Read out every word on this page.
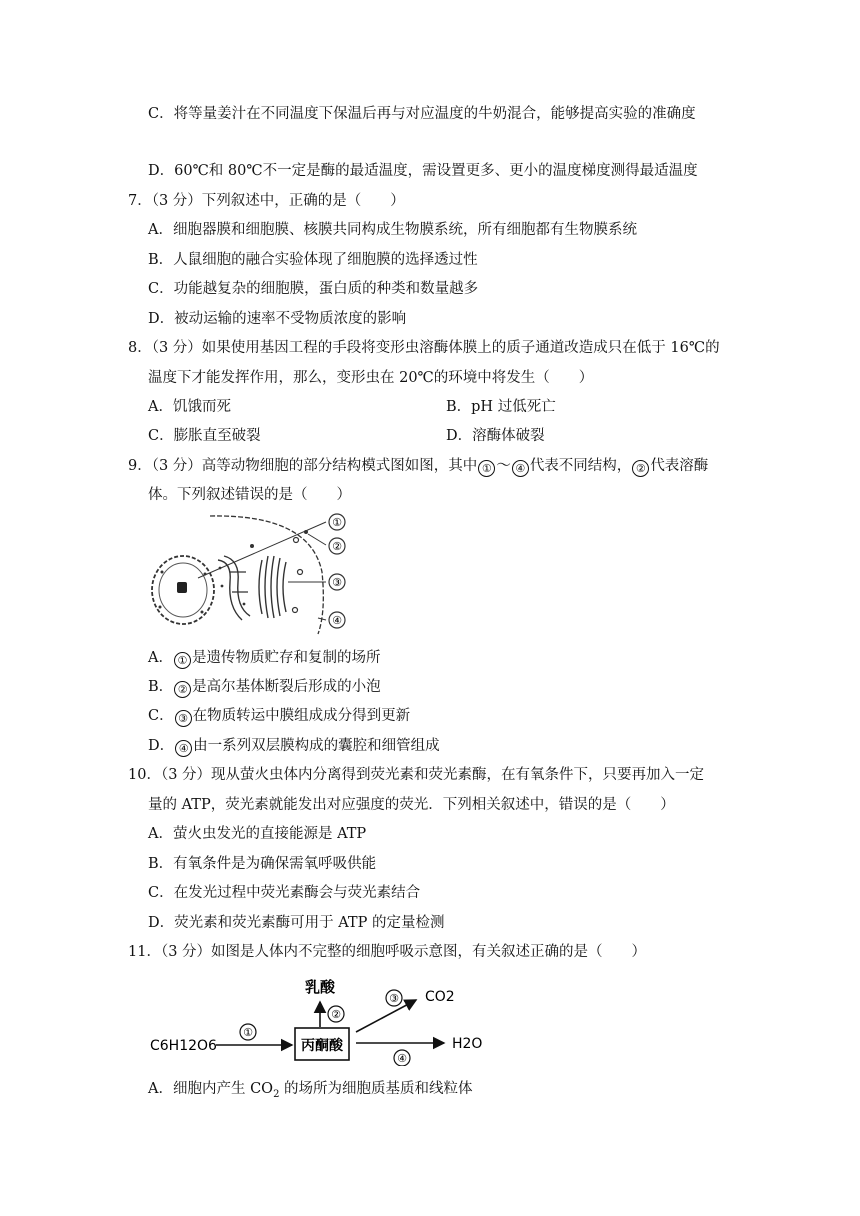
C．将等量姜汁在不同温度下保温后再与对应温度的牛奶混合，能够提高实验的准确度
D．60℃和 80℃不一定是酶的最适温度，需设置更多、更小的温度梯度测得最适温度
7．（3 分）下列叙述中，正确的是（　　）
A．细胞器膜和细胞膜、核膜共同构成生物膜系统，所有细胞都有生物膜系统
B．人鼠细胞的融合实验体现了细胞膜的选择透过性
C．功能越复杂的细胞膜，蛋白质的种类和数量越多
D．被动运输的速率不受物质浓度的影响
8．（3 分）如果使用基因工程的手段将变形虫溶酶体膜上的质子通道改造成只在低于 16℃的
温度下才能发挥作用，那么，变形虫在 20℃的环境中将发生（　　）
A．饥饿而死	B．pH 过低死亡
C．膨胀直至破裂	D．溶酶体破裂
9．（3 分）高等动物细胞的部分结构模式图如图，其中 ① ～ ④ 代表不同结构， ② 代表溶酶
体。下列叙述错误的是（　　）
①
②
③
④
A． ① 是遗传物质贮存和复制的场所
B． ② 是高尔基体断裂后形成的小泡
C． ③ 在物质转运中膜组成成分得到更新
D． ④ 由一系列双层膜构成的囊腔和细管组成
10．（3 分）现从萤火虫体内分离得到荧光素和荧光素酶，在有氧条件下，只要再加入一定
量的 ATP，荧光素就能发出对应强度的荧光．下列相关叙述中，错误的是（　　）
A．萤火虫发光的直接能源是 ATP
B．有氧条件是为确保需氧呼吸供能
C．在发光过程中荧光素酶会与荧光素结合
D．荧光素和荧光素酶可用于 ATP 的定量检测
11．（3 分）如图是人体内不完整的细胞呼吸示意图，有关叙述正确的是（　　）
C6H12O6
①
丙酮酸
②
乳酸
③ CO2
④
H2O
A．细胞内产生 $CO_2$ 的场所为细胞质基质和线粒体
